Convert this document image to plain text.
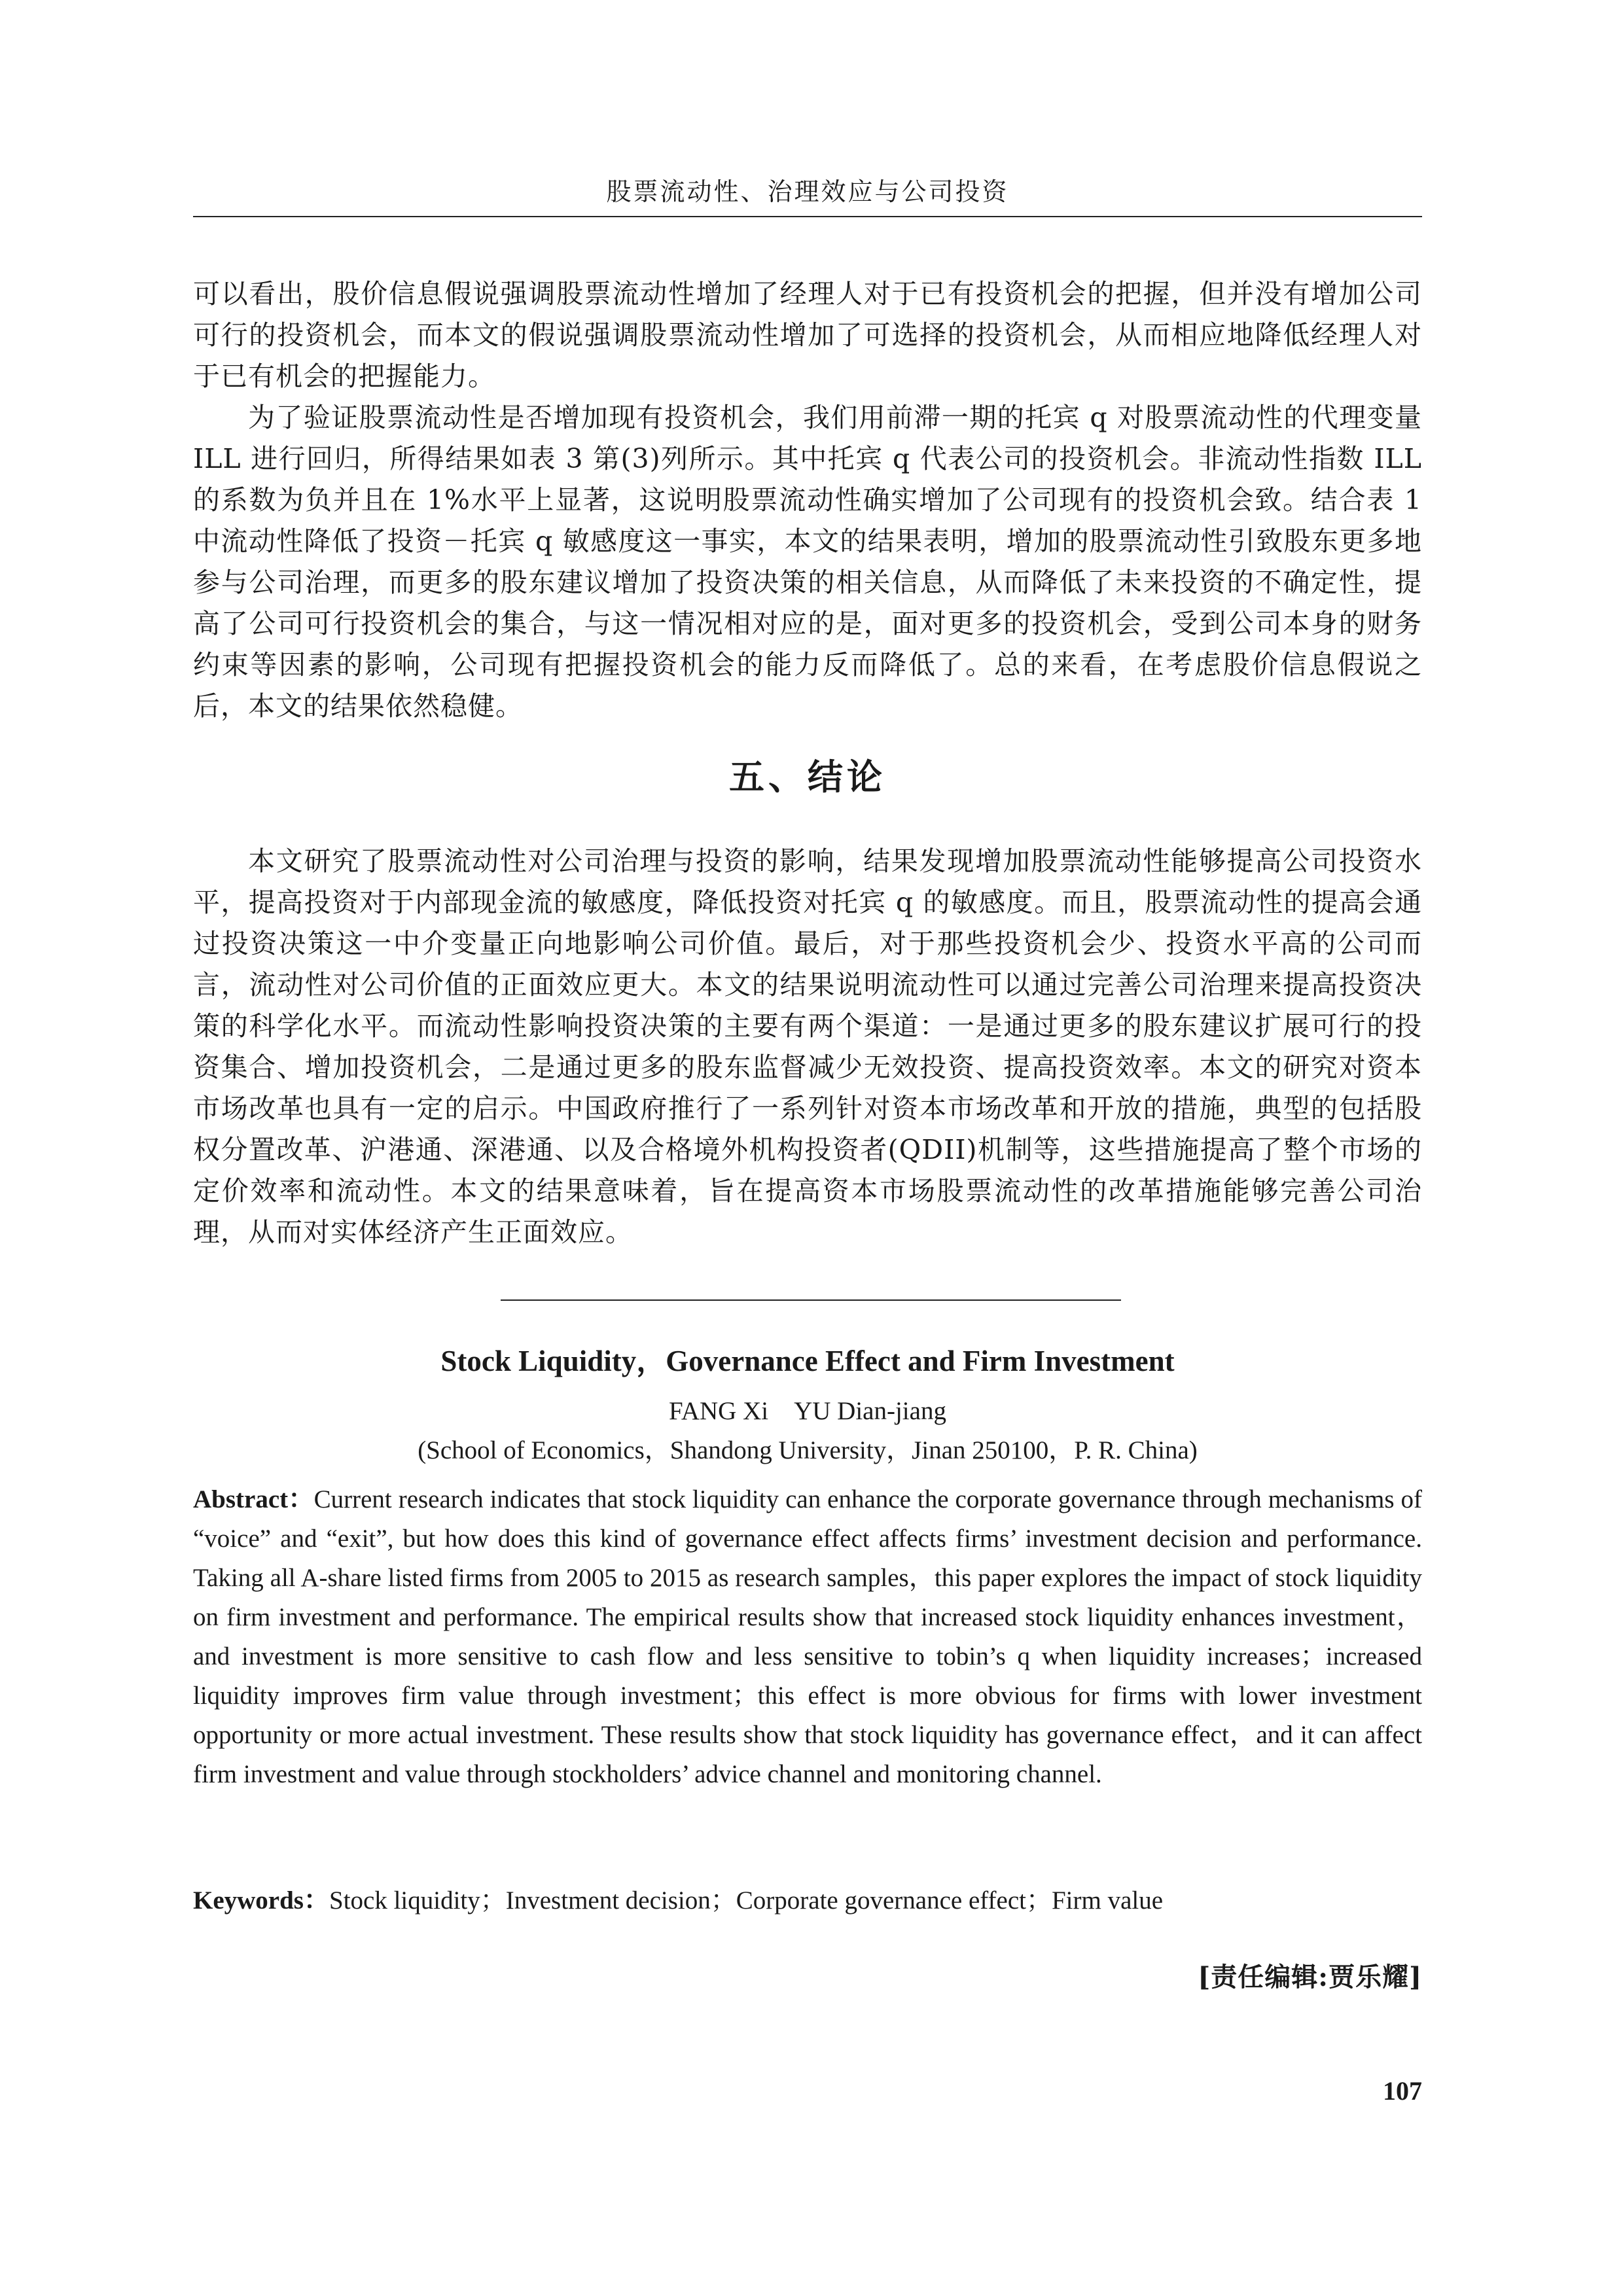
股票流动性、治理效应与公司投资

可以看出，股价信息假说强调股票流动性增加了经理人对于已有投资机会的把握，但并没有增加公司可行的投资机会，而本文的假说强调股票流动性增加了可选择的投资机会，从而相应地降低经理人对于已有机会的把握能力。

为了验证股票流动性是否增加现有投资机会，我们用前滞一期的托宾 q 对股票流动性的代理变量 ILL 进行回归，所得结果如表 3 第(3)列所示。其中托宾 q 代表公司的投资机会。非流动性指数 ILL 的系数为负并且在 1%水平上显著，这说明股票流动性确实增加了公司现有的投资机会致。结合表 1 中流动性降低了投资－托宾 q 敏感度这一事实，本文的结果表明，增加的股票流动性引致股东更多地参与公司治理，而更多的股东建议增加了投资决策的相关信息，从而降低了未来投资的不确定性，提高了公司可行投资机会的集合，与这一情况相对应的是，面对更多的投资机会，受到公司本身的财务约束等因素的影响，公司现有把握投资机会的能力反而降低了。总的来看，在考虑股价信息假说之后，本文的结果依然稳健。

五、结论

本文研究了股票流动性对公司治理与投资的影响，结果发现增加股票流动性能够提高公司投资水平，提高投资对于内部现金流的敏感度，降低投资对托宾 q 的敏感度。而且，股票流动性的提高会通过投资决策这一中介变量正向地影响公司价值。最后，对于那些投资机会少、投资水平高的公司而言，流动性对公司价值的正面效应更大。本文的结果说明流动性可以通过完善公司治理来提高投资决策的科学化水平。而流动性影响投资决策的主要有两个渠道：一是通过更多的股东建议扩展可行的投资集合、增加投资机会，二是通过更多的股东监督减少无效投资、提高投资效率。本文的研究对资本市场改革也具有一定的启示。中国政府推行了一系列针对资本市场改革和开放的措施，典型的包括股权分置改革、沪港通、深港通、以及合格境外机构投资者(QDII)机制等，这些措施提高了整个市场的定价效率和流动性。本文的结果意味着，旨在提高资本市场股票流动性的改革措施能够完善公司治理，从而对实体经济产生正面效应。

Stock Liquidity，Governance Effect and Firm Investment
FANG Xi　YU Dian-jiang
(School of Economics，Shandong University，Jinan 250100，P. R. China)
Abstract：Current research indicates that stock liquidity can enhance the corporate governance through mechanisms of “voice” and “exit”, but how does this kind of governance effect affects firms’ investment decision and performance. Taking all A-share listed firms from 2005 to 2015 as research samples，this paper explores the impact of stock liquidity on firm investment and performance. The empirical results show that increased stock liquidity enhances investment，and investment is more sensitive to cash flow and less sensitive to tobin’s q when liquidity increases；increased liquidity improves firm value through investment；this effect is more obvious for firms with lower investment opportunity or more actual investment. These results show that stock liquidity has governance effect，and it can affect firm investment and value through stockholders’ advice channel and monitoring channel.
Keywords：Stock liquidity；Investment decision；Corporate governance effect；Firm value
[责任编辑:贾乐耀]
107
